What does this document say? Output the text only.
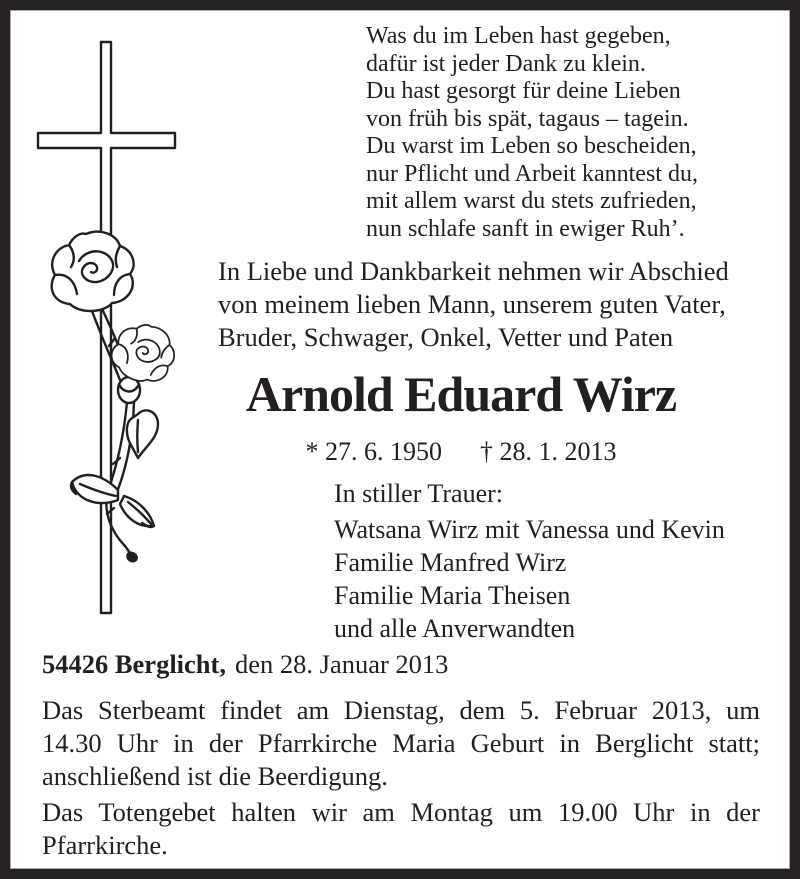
Was du im Leben hast gegeben,
dafür ist jeder Dank zu klein.
Du hast gesorgt für deine Lieben
von früh bis spät, tagaus – tagein.
Du warst im Leben so bescheiden,
nur Pflicht und Arbeit kanntest du,
mit allem warst du stets zufrieden,
nun schlafe sanft in ewiger Ruh’.
In Liebe und Dankbarkeit nehmen wir Abschied
von meinem lieben Mann, unserem guten Vater,
Bruder, Schwager, Onkel, Vetter und Paten
Arnold Eduard Wirz
* 27. 6. 1950 † 28. 1. 2013
In stiller Trauer:
Watsana Wirz mit Vanessa und Kevin
Familie Manfred Wirz
Familie Maria Theisen
und alle Anverwandten
54426 Berglicht, den 28. Januar 2013
Das Sterbeamt findet am Dienstag, dem 5. Februar 2013, um
14.30 Uhr in der Pfarrkirche Maria Geburt in Berglicht statt;
anschließend ist die Beerdigung.
Das Totengebet halten wir am Montag um 19.00 Uhr in der
Pfarrkirche.
